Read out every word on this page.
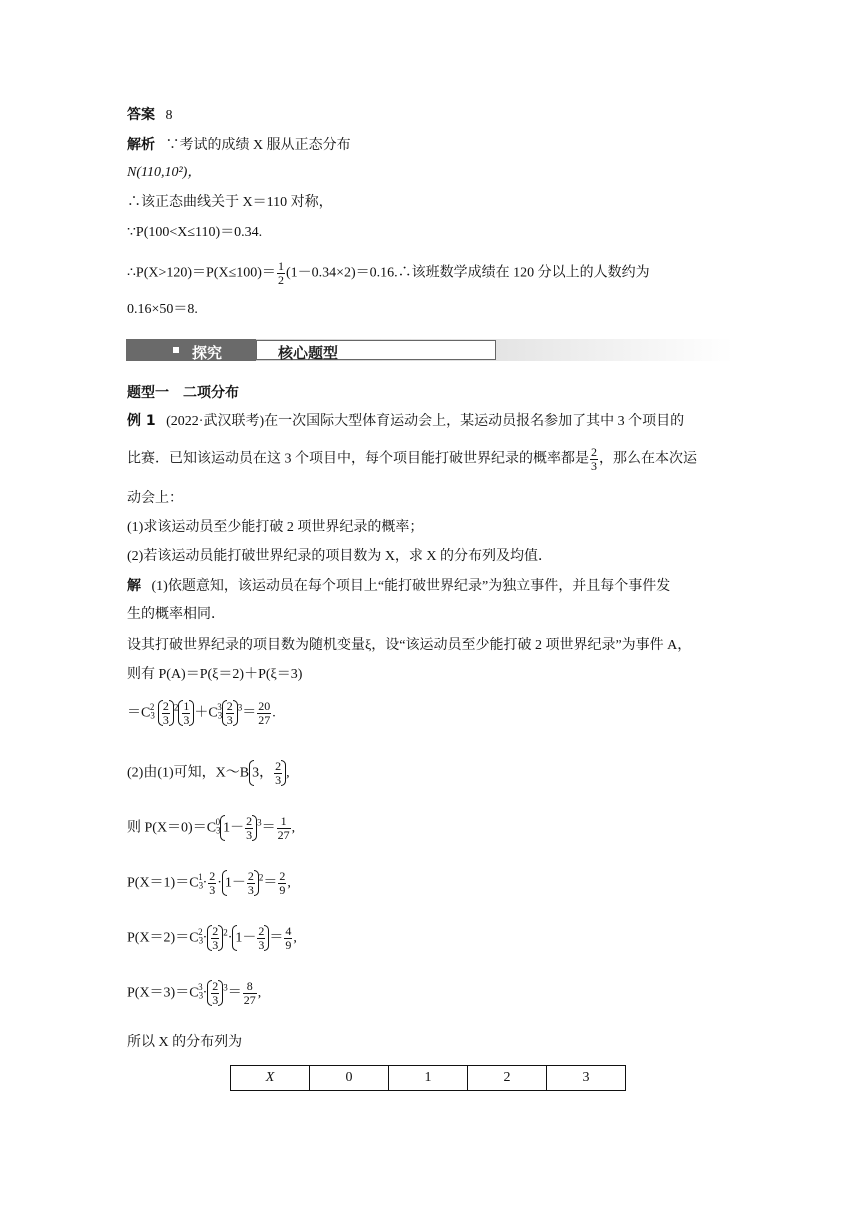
答案 8
解析 ∵考试的成绩 X 服从正态分布
N(110,10²)，
∴该正态曲线关于 X＝110 对称，
∵P(100<X≤110)＝0.34.
∴P(X>120)＝P(X≤100)＝ $\frac{1}{2}$ (1－0.34×2)＝0.16.∴该班数学成绩在 120 分以上的人数约为
0.16×50＝8.
探究	核心题型
题型一　二项分布
例 1 (2022·武汉联考)在一次国际大型体育运动会上，某运动员报名参加了其中 3 个项目的
比赛．已知该运动员在这 3 个项目中，每个项目能打破世界纪录的概率都是 $\frac{2}{3}$ ，那么在本次运
动会上：
(1)求该运动员至少能打破 2 项世界纪录的概率；
(2)若该运动员能打破世界纪录的项目数为 X，求 X 的分布列及均值．
解 (1)依题意知，该运动员在每个项目上“能打破世界纪录”为独立事件，并且每个事件发
生的概率相同．
设其打破世界纪录的项目数为随机变量ξ，设“该运动员至少能打破 2 项世界纪录”为事件 A，
则有 P(A)＝P(ξ＝2)＋P(ξ＝3)
$=C3^2 \frac{2}{3} ^2 \frac{1}{3} +C3^3 \frac{2}{3} ^3= \frac{20}{27}$ .
(2)由(1)可知，X～B 3， $\frac{2}{3}$ ,
则 $P(X=0)=C3^0$ $1- \frac{2}{3} ^3= \frac{1}{27}$ ,
$P(X=1)=C3^1\cdot \frac{2}{3} \cdot 1- \frac{2}{3} ^2= \frac{2}{9}$ ,
$P(X=2)=C3^2\cdot \frac{2}{3} ^2\cdot 1- \frac{2}{3} = \frac{4}{9}$ ,
$P(X=3)=C3^3\cdot \frac{2}{3} ^3= \frac{8}{27}$ ,
所以 X 的分布列为
X	0	1	2	3
